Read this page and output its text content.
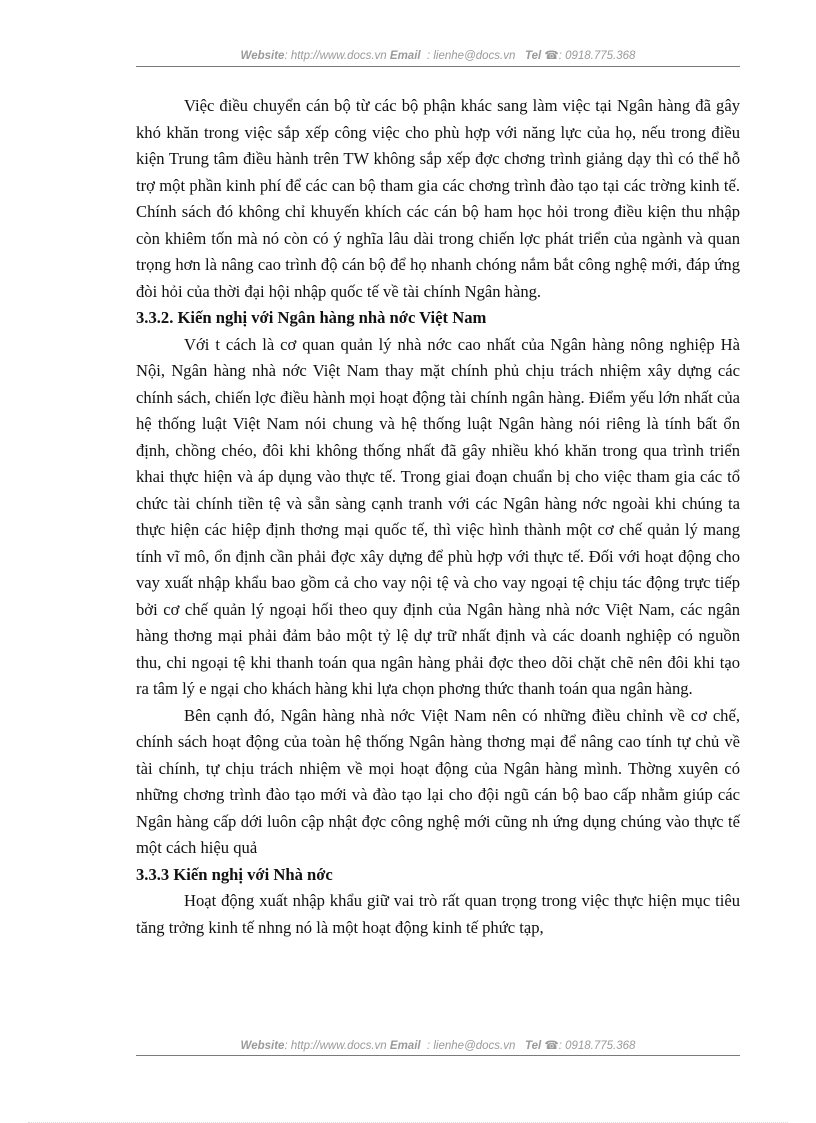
Website: http://www.docs.vn Email : lienhe@docs.vn Tel ☎: 0918.775.368

Việc điều chuyển cán bộ từ các bộ phận khác sang làm việc tại Ngân hàng đã gây khó khăn trong việc sắp xếp công việc cho phù hợp với năng lực của họ, nếu trong điều kiện Trung tâm điều hành trên TW không sắp xếp đợc chơng trình giảng dạy thì có thể hỗ trợ một phần kinh phí để các can bộ tham gia các chơng trình đào tạo tại các trờng kinh tế. Chính sách đó không chỉ khuyến khích các cán bộ ham học hỏi trong điều kiện thu nhập còn khiêm tốn mà nó còn có ý nghĩa lâu dài trong chiến lợc phát triển của ngành và quan trọng hơn là nâng cao trình độ cán bộ để họ nhanh chóng nắm bắt công nghệ mới, đáp ứng đòi hỏi của thời đại hội nhập quốc tế về tài chính Ngân hàng.

3.3.2. Kiến nghị với Ngân hàng nhà nớc Việt Nam

Với t cách là cơ quan quản lý nhà nớc cao nhất của Ngân hàng nông nghiệp Hà Nội, Ngân hàng nhà nớc Việt Nam thay mặt chính phủ chịu trách nhiệm xây dựng các chính sách, chiến lợc điều hành mọi hoạt động tài chính ngân hàng. Điểm yếu lớn nhất của hệ thống luật Việt Nam nói chung và hệ thống luật Ngân hàng nói riêng là tính bất ổn định, chồng chéo, đôi khi không thống nhất đã gây nhiều khó khăn trong qua trình triển khai thực hiện và áp dụng vào thực tế. Trong giai đoạn chuẩn bị cho việc tham gia các tổ chức tài chính tiền tệ và sẵn sàng cạnh tranh với các Ngân hàng nớc ngoài khi chúng ta thực hiện các hiệp định thơng mại quốc tế, thì việc hình thành một cơ chế quản lý mang tính vĩ mô, ổn định cần phải đợc xây dựng để phù hợp với thực tế. Đối với hoạt động cho vay xuất nhập khẩu bao gồm cả cho vay nội tệ và cho vay ngoại tệ chịu tác động trực tiếp bởi cơ chế quản lý ngoại hối theo quy định của Ngân hàng nhà nớc Việt Nam, các ngân hàng thơng mại phải đảm bảo một tỷ lệ dự trữ nhất định và các doanh nghiệp có nguồn thu, chi ngoại tệ khi thanh toán qua ngân hàng phải đợc theo dõi chặt chẽ nên đôi khi tạo ra tâm lý e ngại cho khách hàng khi lựa chọn phơng thức thanh toán qua ngân hàng.

Bên cạnh đó, Ngân hàng nhà nớc Việt Nam nên có những điều chỉnh về cơ chế, chính sách hoạt động của toàn hệ thống Ngân hàng thơng mại để nâng cao tính tự chủ về tài chính, tự chịu trách nhiệm về mọi hoạt động của Ngân hàng mình. Thờng xuyên có những chơng trình đào tạo mới và đào tạo lại cho đội ngũ cán bộ bao cấp nhằm giúp các Ngân hàng cấp dới luôn cập nhật đợc công nghệ mới cũng nh ứng dụng chúng vào thực tế một cách hiệu quả

3.3.3 Kiến nghị với Nhà nớc

Hoạt động xuất nhập khẩu giữ vai trò rất quan trọng trong việc thực hiện mục tiêu tăng trởng kinh tế nhng nó là một hoạt động kinh tế phức tạp,

Website: http://www.docs.vn Email : lienhe@docs.vn Tel ☎: 0918.775.368
